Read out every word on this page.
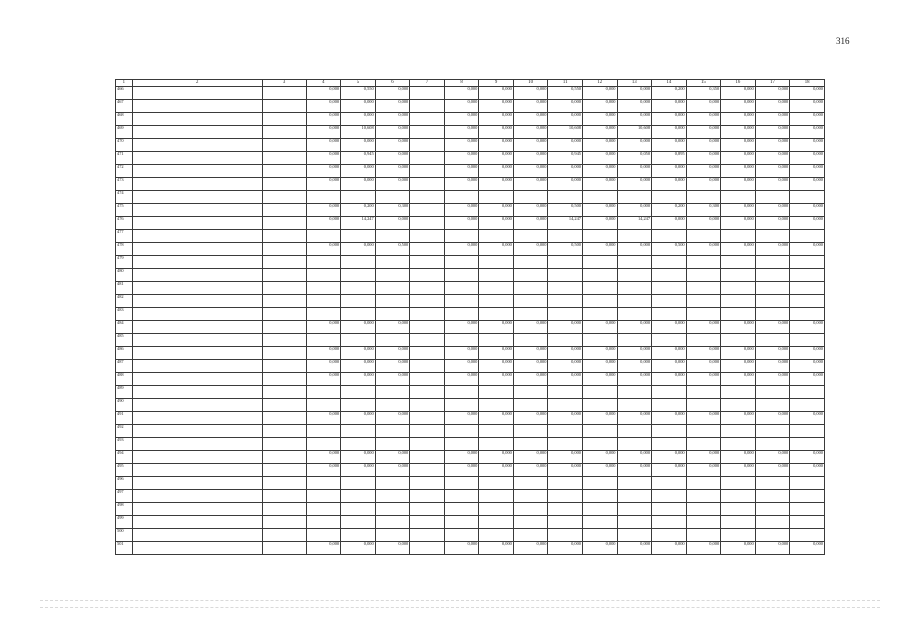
316
1	2	3	4	5	6	7	8	9	10	11	12	13	14	15	16	17	18
466			0,000	0,550	0,000		0,000	0,000	0,000	0,550	0,000	0,000	0,200	0,350	0,000	0,000	0,000
467			0,000	0,000	0,000		0,000	0,000	0,000	0,000	0,000	0,000	0,000	0,000	0,000	0,000	0,000
468			0,000	0,000	0,000		0,000	0,000	0,000	0,000	0,000	0,000	0,000	0,000	0,000	0,000	0,000
469			0,000	10,608	0,000		0,000	0,000	0,000	10,608	0,000	10,608	0,000	0,000	0,000	0,000	0,000
470			0,000	0,000	0,000		0,000	0,000	0,000	0,000	0,000	0,000	0,000	0,000	0,000	0,000	0,000
471			0,000	0,945	0,000		0,000	0,000	0,000	0,945	0,000	0,050	0,895	0,000	0,000	0,000	0,000
472			0,000	0,000	0,000		0,000	0,000	0,000	0,000	0,000	0,000	0,000	0,000	0,000	0,000	0,000
473			0,000	0,000	0,000		0,000	0,000	0,000	0,000	0,000	0,000	0,000	0,000	0,000	0,000	0,000
474																	
475			0,000	0,200	0,300		0,000	0,000	0,000	0,500	0,000	0,000	0,200	0,300	0,000	0,000	0,000
476			0,000	14,247	0,000		0,000	0,000	0,000	14,247	0,000	14,247	0,000	0,000	0,000	0,000	0,000
477																	
478			0,000	0,000	0,500		0,000	0,000	0,000	0,500	0,000	0,000	0,500	0,000	0,000	0,000	0,000
479																	
480																	
481																	
482																	
483																	
484			0,000	0,000	0,000		0,000	0,000	0,000	0,000	0,000	0,000	0,000	0,000	0,000	0,000	0,000
485																	
486			0,000	0,000	0,000		0,000	0,000	0,000	0,000	0,000	0,000	0,000	0,000	0,000	0,000	0,000
487			0,000	0,000	0,000		0,000	0,000	0,000	0,000	0,000	0,000	0,000	0,000	0,000	0,000	0,000
488			0,000	0,000	0,000		0,000	0,000	0,000	0,000	0,000	0,000	0,000	0,000	0,000	0,000	0,000
489																	
490																	
491			0,000	0,000	0,000		0,000	0,000	0,000	0,000	0,000	0,000	0,000	0,000	0,000	0,000	0,000
492																	
493																	
494			0,000	0,000	0,000		0,000	0,000	0,000	0,000	0,000	0,000	0,000	0,000	0,000	0,000	0,000
495			0,000	0,000	0,000		0,000	0,000	0,000	0,000	0,000	0,000	0,000	0,000	0,000	0,000	0,000
496																	
497																	
498																	
499																	
500																	
501			0,000	0,000	0,000		0,000	0,000	0,000	0,000	0,000	0,000	0,000	0,000	0,000	0,000	0,000
